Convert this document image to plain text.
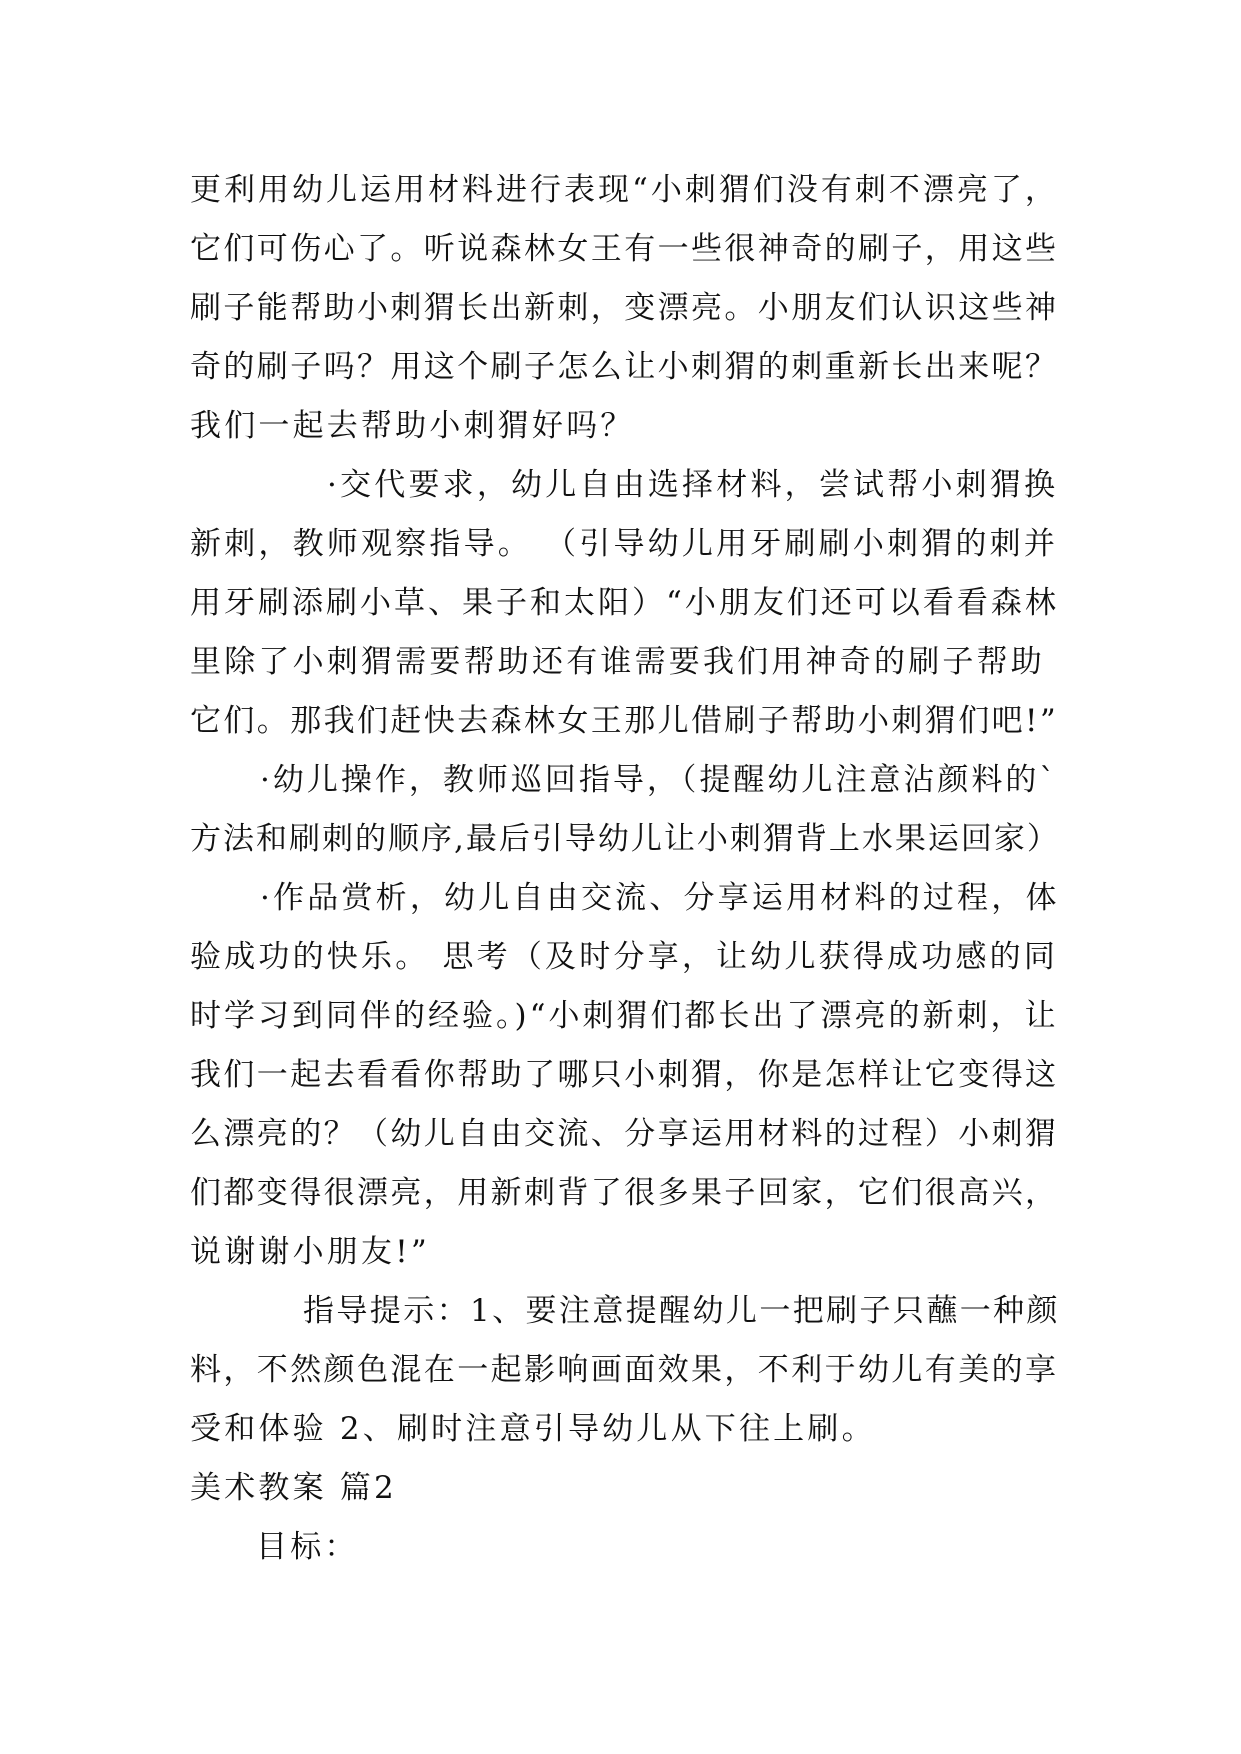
更利用幼儿运用材料进行表现“小刺猬们没有刺不漂亮了，
它们可伤心了。听说森林女王有一些很神奇的刷子，用这些
刷子能帮助小刺猬长出新刺，变漂亮。小朋友们认识这些神
奇的刷子吗？用这个刷子怎么让小刺猬的刺重新长出来呢？
我们一起去帮助小刺猬好吗？
·交代要求，幼儿自由选择材料，尝试帮小刺猬换
新刺，教师观察指导。 （引导幼儿用牙刷刷小刺猬的刺并
用牙刷添刷小草、果子和太阳）“小朋友们还可以看看森林
里除了小刺猬需要帮助还有谁需要我们用神奇的刷子帮助
它们。那我们赶快去森林女王那儿借刷子帮助小刺猬们吧!”
·幼儿操作，教师巡回指导，（提醒幼儿注意沾颜料的`
方法和刷刺的顺序,最后引导幼儿让小刺猬背上水果运回家）
·作品赏析，幼儿自由交流、分享运用材料的过程，体
验成功的快乐。 思考（及时分享，让幼儿获得成功感的同
时学习到同伴的经验。)“小刺猬们都长出了漂亮的新刺，让
我们一起去看看你帮助了哪只小刺猬，你是怎样让它变得这
么漂亮的？（幼儿自由交流、分享运用材料的过程）小刺猬
们都变得很漂亮，用新刺背了很多果子回家，它们很高兴，
说谢谢小朋友!”
指导提示：1、要注意提醒幼儿一把刷子只蘸一种颜
料，不然颜色混在一起影响画面效果，不利于幼儿有美的享
受和体验 2、刷时注意引导幼儿从下往上刷。
美术教案 篇2
目标：
